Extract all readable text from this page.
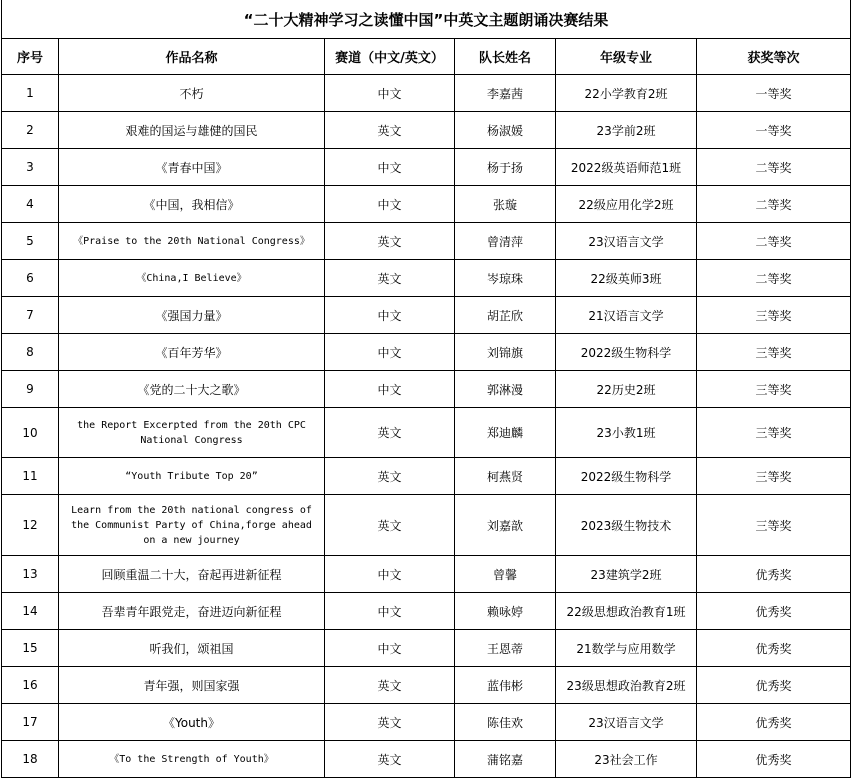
“二十大精神学习之读懂中国”中英文主题朗诵决赛结果					
序号	作品名称	赛道（中文/英文）	队长姓名	年级专业	获奖等次
1	不朽	中文	李嘉茜	22小学教育2班	一等奖
2	艰难的国运与雄健的国民	英文	杨淑媛	23学前2班	一等奖
3	《青春中国》	中文	杨于扬	2022级英语师范1班	二等奖
4	《中国，我相信》	中文	张璇	22级应用化学2班	二等奖
5	《Praise to the 20th National Congress》	英文	曾清萍	23汉语言文学	二等奖
6	《China,I Believe》	英文	岑琼珠	22级英师3班	二等奖
7	《强国力量》	中文	胡芷欣	21汉语言文学	三等奖
8	《百年芳华》	中文	刘锦旗	2022级生物科学	三等奖
9	《党的二十大之歌》	中文	郭淋漫	22历史2班	三等奖
10	the Report Excerpted from the 20th CPC National Congress	英文	郑迪麟	23小教1班	三等奖
11	“Youth Tribute Top 20”	英文	柯燕贤	2022级生物科学	三等奖
12	Learn from the 20th national congress of the Communist Party of China,forge ahead on a new journey	英文	刘嘉歆	2023级生物技术	三等奖
13	回顾重温二十大，奋起再进新征程	中文	曾馨	23建筑学2班	优秀奖
14	吾辈青年跟党走，奋进迈向新征程	中文	赖咏婷	22级思想政治教育1班	优秀奖
15	听我们，颂祖国	中文	王恩蒂	21数学与应用数学	优秀奖
16	青年强，则国家强	英文	蓝伟彬	23级思想政治教育2班	优秀奖
17	《Youth》	英文	陈佳欢	23汉语言文学	优秀奖
18	《To the Strength of Youth》	英文	蒲铭嘉	23社会工作	优秀奖
